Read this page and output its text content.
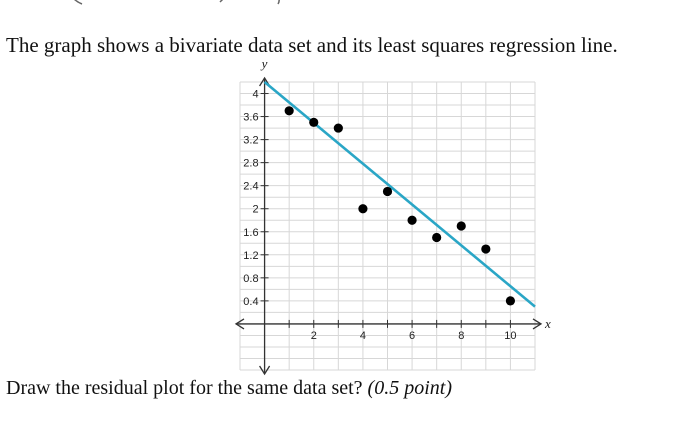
The graph shows a bivariate data set and its least squares regression line.
x
y
2	4	6	8	10
0.4
0.8
1.2
1.6
2
2.4
2.8
3.2
3.6
4
Draw the residual plot for the same data set? (0.5 point)
